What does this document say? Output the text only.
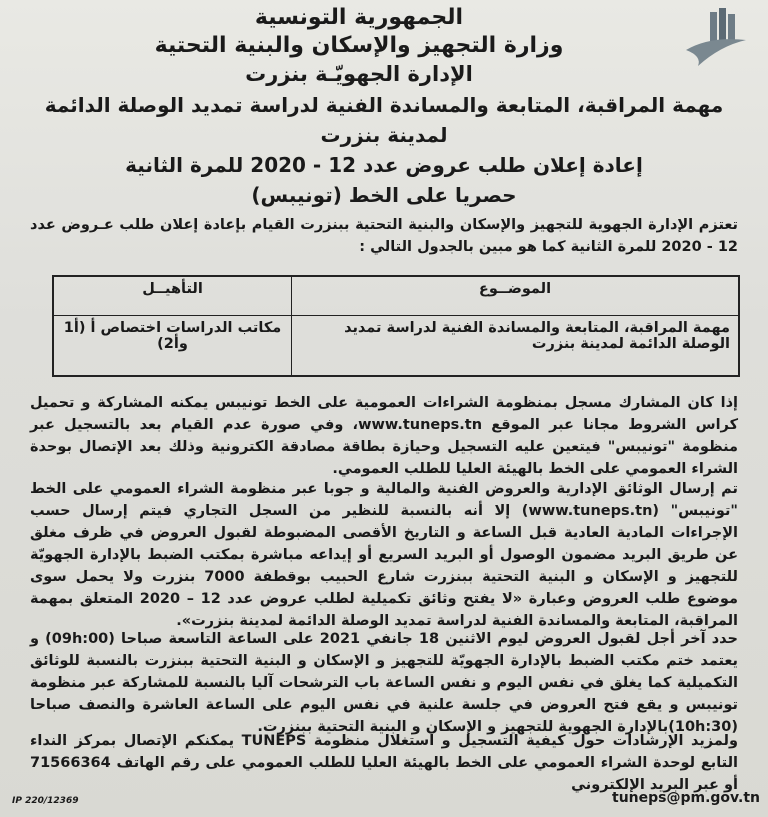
الجمهورية التونسية
وزارة التجهيز والإسكان والبنية التحتية
الإدارة الجهويّـة بنزرت
مهمة المراقبة، المتابعة والمساندة الفنية لدراسة تمديد الوصلة الدائمة لمدينة بنزرت
إعادة إعلان طلب عروض عدد 12 - 2020 للمرة الثانية
حصريا على الخط (تونيبس)
تعتزم الإدارة الجهوية للتجهيز والإسكان والبنية التحتية ببنزرت القيام بإعادة إعلان طلب عـروض عدد 12 - 2020 للمرة الثانية كما هو مبين بالجدول التالي :
الموضــوع	التأهيــل
مهمة المراقبة، المتابعة والمساندة الفنية لدراسة تمديد الوصلة الدائمة لمدينة بنزرت	مكاتب الدراسات اختصاص أ (أ1 وأ2)
إذا كان المشارك مسجل بمنظومة الشراءات العمومية على الخط تونيبس يمكنه المشاركة و تحميل كراس الشروط مجانا عبر الموقع www.tuneps.tn، وفي صورة عدم القيام بعد بالتسجيل عبر منظومة "تونيبس" فيتعين عليه التسجيل وحيازة بطاقة مصادقة الكترونية وذلك بعد الإتصال بوحدة الشراء العمومي على الخط بالهيئة العليا للطلب العمومي.
تم إرسال الوثائق الإدارية والعروض الفنية والمالية و جوبا عبر منظومة الشراء العمومي على الخط "تونيبس" (www.tuneps.tn) إلا أنه بالنسبة للنظير من السجل التجاري فيتم إرسال حسب الإجراءات المادية العادية قبل الساعة و التاريخ الأقصى المضبوطة لقبول العروض في ظرف مغلق عن طريق البريد مضمون الوصول أو البريد السريع أو إيداعه مباشرة بمكتب الضبط بالإدارة الجهويّة للتجهيز و الإسكان و البنية التحتية ببنزرت شارع الحبيب بوقطفة 7000 بنزرت ولا يحمل سوى موضوع طلب العروض وعبارة «لا يفتح وثائق تكميلية لطلب عروض عدد 12 – 2020 المتعلق بمهمة المراقبة، المتابعة والمساندة الفنية لدراسة تمديد الوصلة الدائمة لمدينة بنزرت».
حدد آخر أجل لقبول العروض ليوم الاثنين 18 جانفي 2021 على الساعة التاسعة صباحا (09h:00) و يعتمد ختم مكتب الضبط بالإدارة الجهويّة للتجهيز و الإسكان و البنية التحتية ببنزرت بالنسبة للوثائق التكميلية كما يغلق في نفس اليوم و نفس الساعة باب الترشحات آليا بالنسبة للمشاركة عبر منظومة تونيبس و يقع فتح العروض في جلسة علنية في نفس اليوم على الساعة العاشرة والنصف صباحا (10h:30)بالإدارة الجهوية للتجهيز و الإسكان و البنية التحتية ببنزرت.
ولمزيد الإرشادات حول كيفية التسجيل و استغلال منظومة TUNEPS يمكنكم الإتصال بمركز النداء التابع لوحدة الشراء العمومي على الخط بالهيئة العليا للطلب العمومي على رقم الهاتف 71566364 أو عبر البريد الإلكتروني
tuneps@pm.gov.tn
IP 220/12369
